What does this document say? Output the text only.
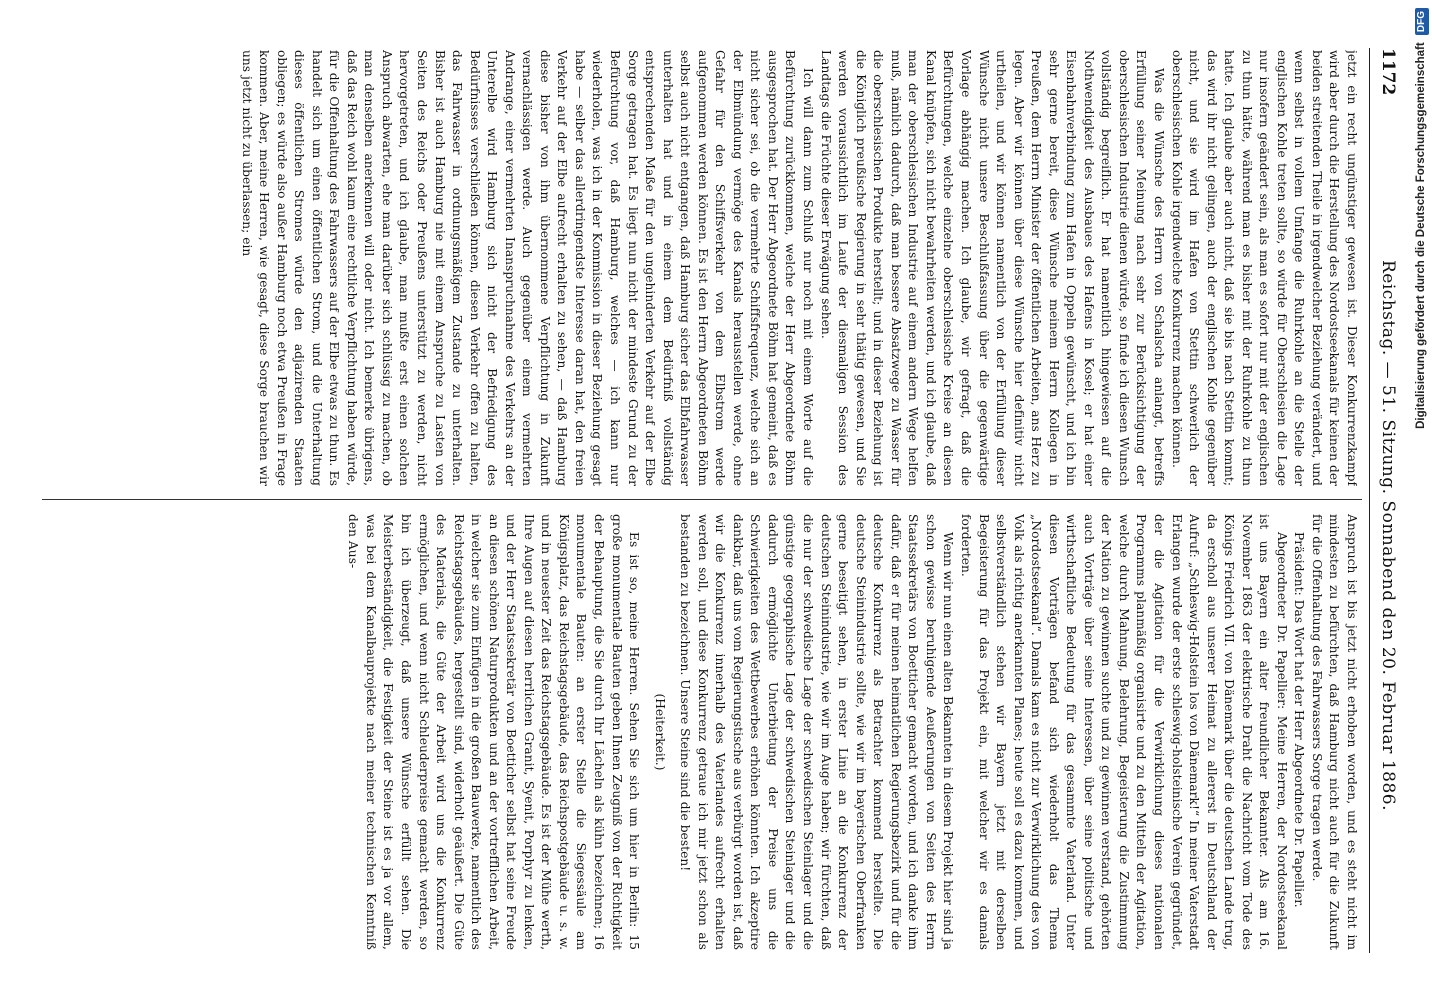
1172
Reichstag. — 51. Sitzung. Sonnabend den 20. Februar 1886.

jetzt ein recht ungünstiger gewesen ist. Dieser Konkurrenzkampf wird aber durch die Herstellung des Nordostseekanals für keinen der beiden streitenden Theile in irgendwelcher Beziehung verändert, und wenn selbst in vollem Umfange die Ruhrkohle an die Stelle der englischen Kohle treten sollte, so würde für Oberschlesien die Lage nur insofern geändert sein, als man es sofort nur mit der englischen zu thun hätte, während man es bisher mit der Ruhrkohle zu thun hatte. Ich glaube aber auch nicht, daß sie bis nach Stettin kommt; das wird ihr nicht gelingen, auch der englischen Kohle gegenüber nicht, und sie wird im Hafen von Stettin schwerlich der oberschlesischen Kohle irgendwelche Konkurrenz machen können.

Was die Wünsche des Herrn von Schalscha anlangt, betreffs Erfüllung seiner Meinung nach sehr zur Berücksichtigung der oberschlesischen Industrie dienen würde, so finde ich diesen Wunsch vollständig begreiflich. Er hat namentlich hingewiesen auf die Nothwendigkeit des Ausbaues des Hafens in Kosel; er hat einer Eisenbahnverbindung zum Hafen in Oppeln gewünscht, und ich bin sehr gerne bereit, diese Wünsche meinem Herrn Kollegen in Preußen, dem Herrn Minister der öffentlichen Arbeiten, ans Herz zu legen. Aber wir können über diese Wünsche hier definitiv nicht urtheilen, und wir können namentlich von der Erfüllung dieser Wünsche nicht unsere Beschlußfassung über die gegenwärtige Vorlage abhängig machen. Ich glaube, wir gefragt, daß die Befürchtungen, welche einzelne oberschlesische Kreise an diesen Kanal knüpfen, sich nicht bewahrheiten werden, und ich glaube, daß man der oberschlesischen Industrie auf einem andern Wege helfen muß, nämlich dadurch, daß man bessere Absatzwege zu Wasser für die oberschlesischen Produkte herstellt; und in dieser Beziehung ist die Königlich preußische Regierung in sehr thätig gewesen, und Sie werden voraussichtlich im Laufe der diesmaligen Session des Landtags die Früchte dieser Erwägung sehen.

Ich will dann zum Schluß nur noch mit einem Worte auf die Befürchtung zurückkommen, welche der Herr Abgeordnete Böhm ausgesprochen hat. Der Herr Abgeordnete Böhm hat gemeint, daß es nicht sicher sei, ob die vermehrte Schiffsfrequenz, welche sich an der Elbmündung vermöge des Kanals herausstellen werde, ohne Gefahr für den Schiffsverkehr von dem Elbstrom werde aufgenommen werden können. Es ist den Herrn Abgeordneten Böhm selbst auch nicht entgangen, daß Hamburg sicher das Elbfahrwasser unterhalten hat und in einem dem Bedürfniß vollständig entsprechenden Maße für den ungehinderten Verkehr auf der Elbe Sorge getragen hat. Es liegt nun nicht der mindeste Grund zu der Befürchtung vor, daß Hamburg, welches — ich kann nur wiederholen, was ich in der Kommission in dieser Beziehung gesagt habe — selber das allerdringendste Interesse daran hat, den freien Verkehr auf der Elbe aufrecht erhalten zu sehen, — daß Hamburg diese bisher von ihm übernommene Verpflichtung in Zukunft vernachlässigen werde. Auch gegenüber einem vermehrten Andrange, einer vermehrten Inanspruchnahme des Verkehrs an der Unterelbe wird Hamburg sich nicht der Befriedigung des Bedürfnisses verschließen können, diesen Verkehr offen zu halten, das Fahrwasser in ordnungsmäßigem Zustande zu unterhalten. Bisher ist auch Hamburg nie mit einem Anspruche zu Lasten von Seiten des Reichs oder Preußens unterstützt zu werden, nicht hervorgetreten, und ich glaube, man mußte erst einen solchen Anspruch abwarten, ehe man darüber sich schlüssig zu machen, ob man denselben anerkennen will oder nicht. Ich bemerke übrigens, daß das Reich wohl kaum eine rechtliche Verpflichtung haben würde, für die Offenhaltung des Fahrwassers auf der Elbe etwas zu thun. Es handelt sich um einen öffentlichen Strom, und die Unterhaltung dieses öffentlichen Stromes würde den adjazirenden Staaten obliegen; es würde also außer Hamburg noch etwa Preußen in Frage kommen. Aber, meine Herren, wie gesagt, diese Sorge brauchen wir uns jetzt nicht zu überlassen; ein

Anspruch ist bis jetzt nicht erhoben worden, und es steht nicht im mindesten zu befürchten, daß Hamburg nicht auch für die Zukunft für die Offenhaltung des Fahrwassers Sorge tragen werde.

Präsident: Das Wort hat der Herr Abgeordnete Dr. Papellier.

Abgeordneter Dr. Papellier: Meine Herren, der Nordostseekanal ist uns Bayern ein alter freundlicher Bekannter. Als am 16. November 1863 der elektrische Draht die Nachricht vom Tode des Königs Friedrich VII. von Dänemark über die deutschen Lande trug, da erscholl aus unserer Heimat zu allererst in Deutschland der Aufruf: „Schleswig-Holstein los von Dänemark!“ In meiner Vaterstadt Erlangen wurde der erste schleswig-holsteinische Verein gegründet, der die Agitation für die Verwirklichung dieses nationalen Programms planmäßig organisirte und zu den Mitteln der Agitation, welche durch Mahnung, Belehrung, Begeisterung die Zustimmung der Nation zu gewinnen suchte und zu gewinnen verstand, gehörten auch Vorträge über seine Interessen, über seine politische und wirthschaftliche Bedeutung für das gesammte Vaterland. Unter diesen Vorträgen befand sich wiederholt das Thema „Nordostseekanal“. Damals kam es nicht zur Verwirklichung des von Volk als richtig anerkannten Planes; heute soll es dazu kommen, und selbstverständlich stehen wir Bayern jetzt mit derselben Begeisterung für das Projekt ein, mit welcher wir es damals forderten.

Wenn wir nun einen alten Bekannten in diesem Projekt hier sind ja schon gewisse beruhigende Aeußerungen von Seiten des Herrn Staatssekretärs von Boetticher gemacht worden, und ich danke ihm dafür, daß er für meinen heimatlichen Regierungsbezirk und für die deutsche Konkurrenz als Betrachter kommend herstellte. Die deutsche Steinindustrie sollte, wie wir im bayerischen Oberfranken gerne beseitigt sehen, in erster Linie an die Konkurrenz der deutschen Steinindustrie, wie wir im Auge haben; wir fürchten, daß die nur der schwedische Lage der schwedischen Steinlager und die günstige geographische Lage der schwedischen Steinlager und die dadurch ermöglichte Unterbietung der Preise uns die Schwierigkeiten des Wettbewerbes erhöhen könnten. Ich akzeptire dankbar, daß uns vom Regierungstische aus verbürgt worden ist, daß wir die Konkurrenz innerhalb des Vaterlandes aufrecht erhalten werden soll, und diese Konkurrenz getraue ich mir jetzt schon als bestanden zu bezeichnen. Unsere Steine sind die besten!

(Heiterkeit.)

Es ist so, meine Herren. Sehen Sie sich um hier in Berlin: 15 große monumentale Bauten geben Ihnen Zeugniß von der Richtigkeit der Behauptung, die Sie durch Ihr Lächeln als kühn bezeichnen; 16 monumentale Bauten: an erster Stelle die Siegessäule am Königsplatz, das Reichstagsgebäude, das Reichspostgebäude u. s. w. und in neuester Zeit das Reichstagsgebäude. Es ist der Mühe werth, Ihre Augen auf diesen herrlichen Granit, Syenit, Porphyr zu lenken, und der Herr Staatssekretär von Boetticher selbst hat seine Freude an diesen schönen Naturprodukten und an der vortrefflichen Arbeit, in welcher sie zum Einfügen in die großen Bauwerke, namentlich des Reichstagsgebäudes, hergestellt sind, widerholt geäußert. Die Güte des Materials, die Güte der Arbeit wird uns die Konkurrenz ermöglichen, und wenn nicht Schleuderpreise gemacht werden, so bin ich überzeugt, daß unsere Wünsche erfüllt sehen. Die Meisterbeständigkeit, die Festigkeit der Steine ist es ja vor allem, was bei dem Kanalbauprojekte nach meiner technischen Kenntniß den Aus-

Digitalisierung gefördert durch die Deutsche Forschungsgemeinschaft DFG
